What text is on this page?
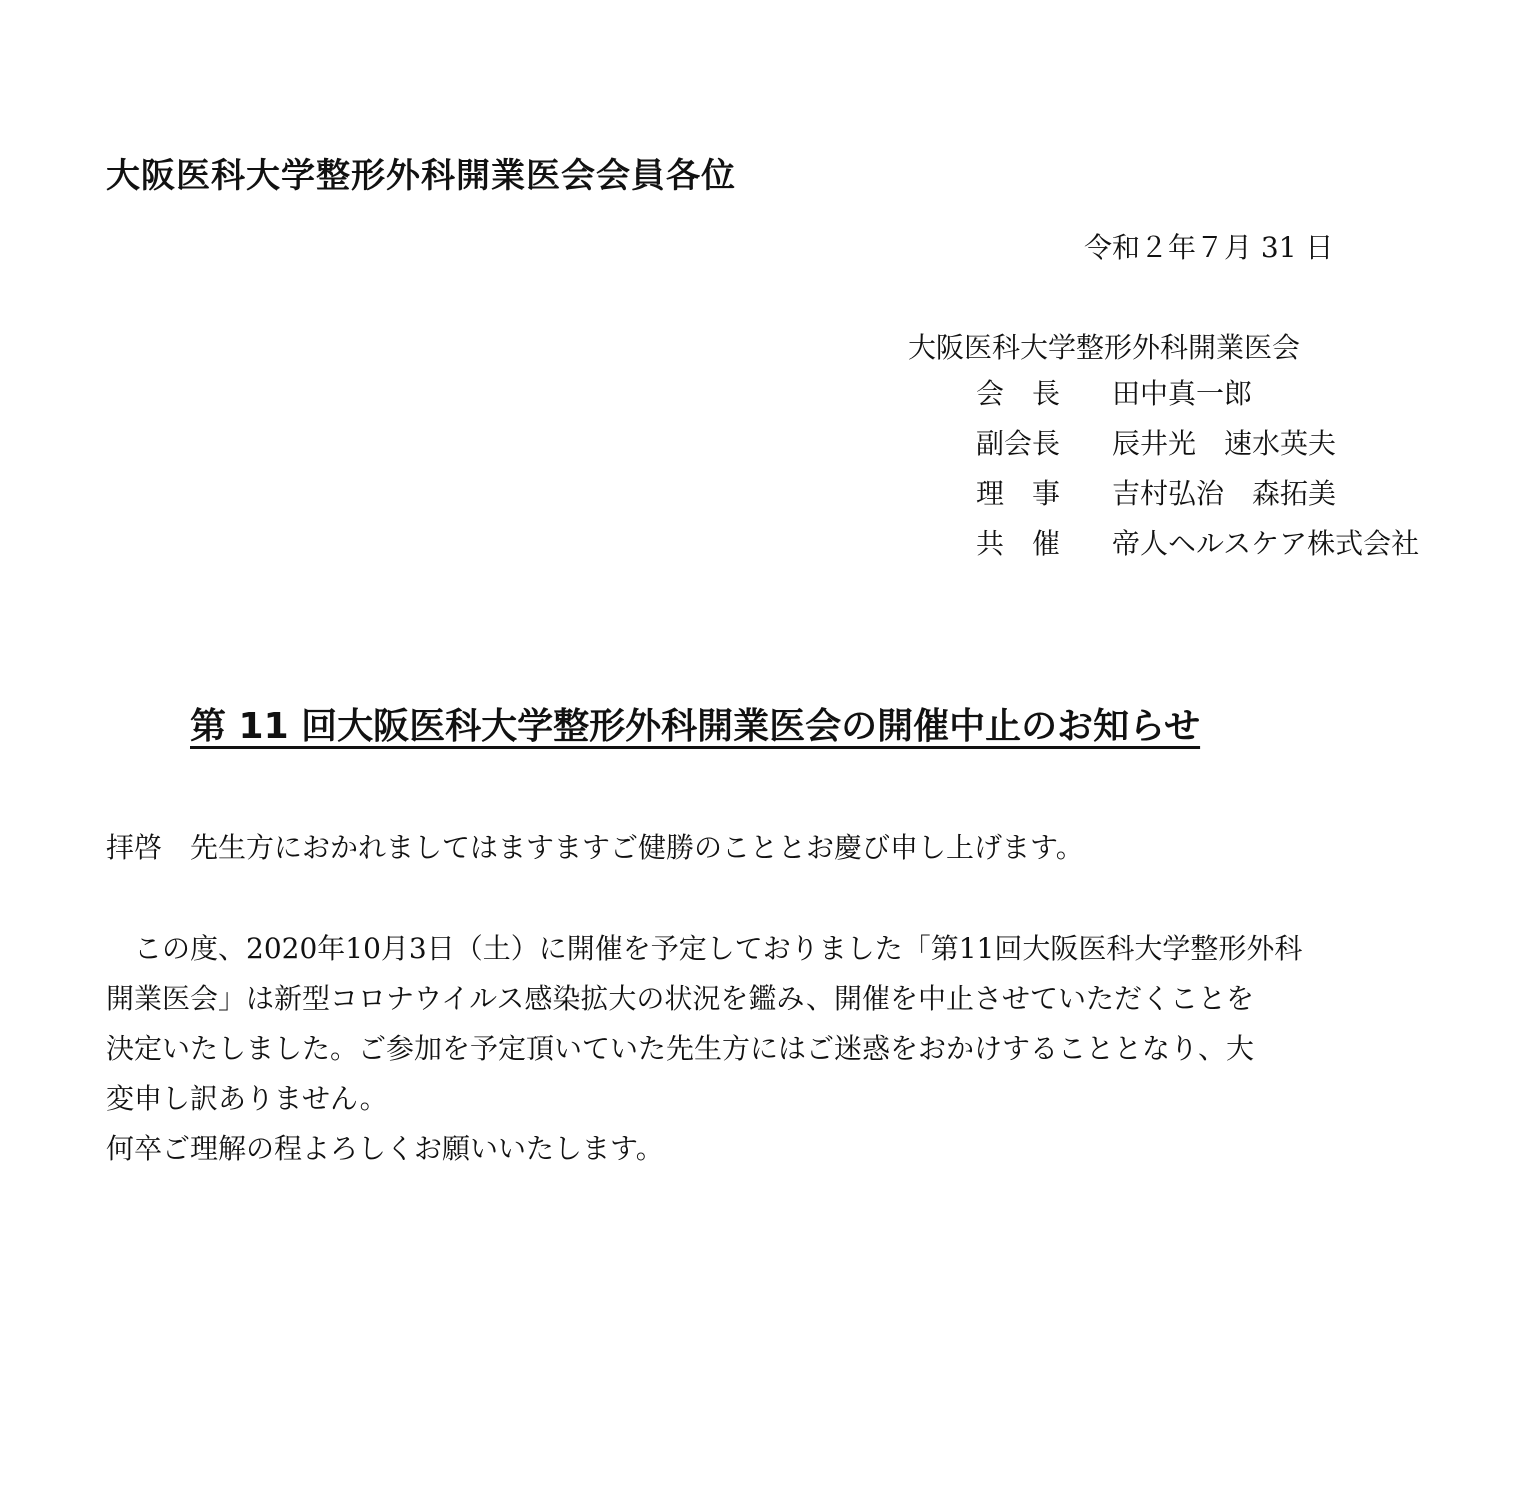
大阪医科大学整形外科開業医会会員各位
令和２年７月 31 日
大阪医科大学整形外科開業医会
会　長	田中真一郎
副会長	辰井光　速水英夫
理　事	吉村弘治　森拓美
共　催	帝人ヘルスケア株式会社
第 11 回大阪医科大学整形外科開業医会の開催中止のお知らせ
拝啓　先生方におかれましてはますますご健勝のこととお慶び申し上げます。
　この度、2020年10月3日（土）に開催を予定しておりました「第11回大阪医科大学整形外科
開業医会」は新型コロナウイルス感染拡大の状況を鑑み、開催を中止させていただくことを
決定いたしました。ご参加を予定頂いていた先生方にはご迷惑をおかけすることとなり、大
変申し訳ありません。
何卒ご理解の程よろしくお願いいたします。
